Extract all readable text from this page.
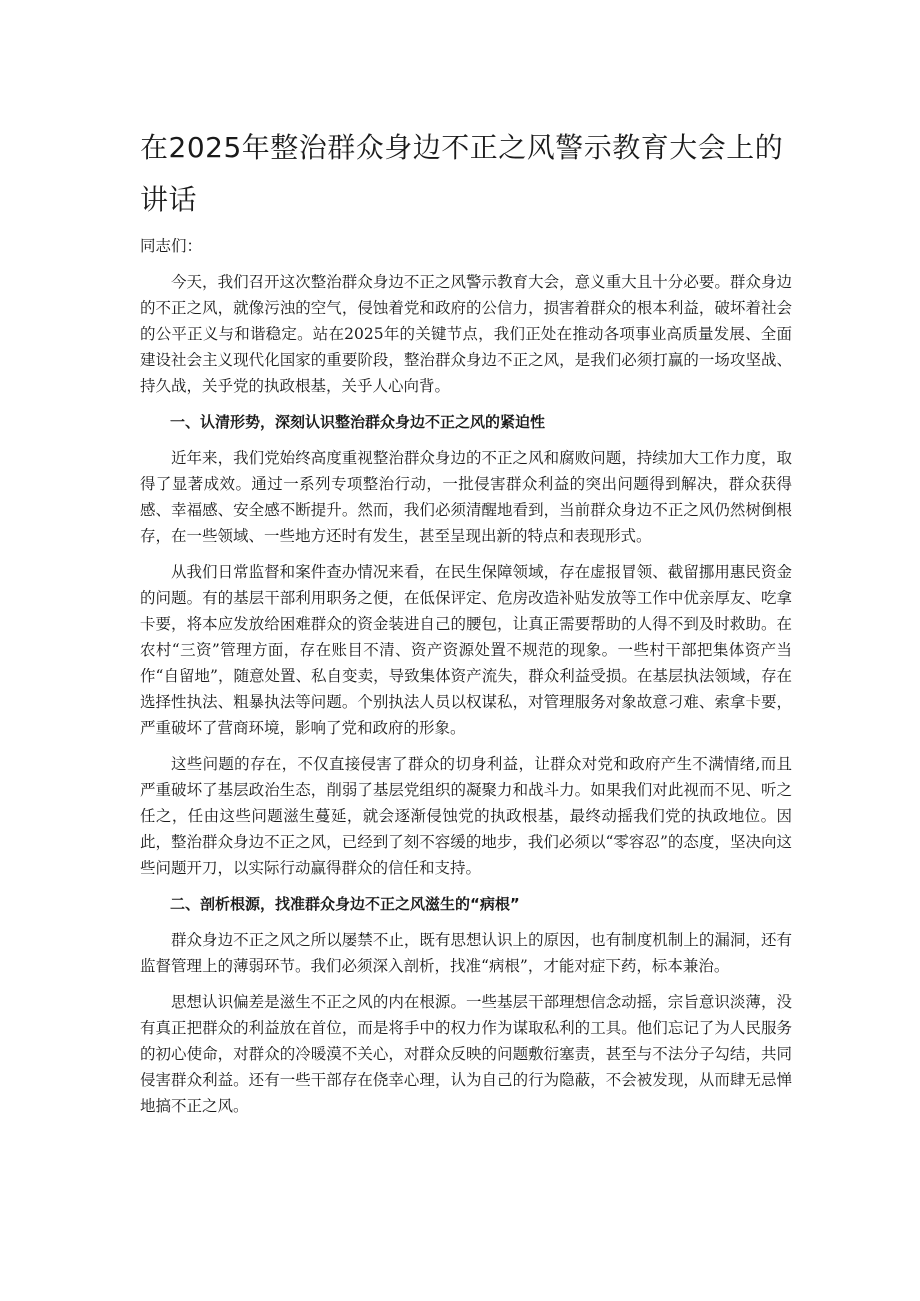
在2025年整治群众身边不正之风警示教育大会上的讲话

同志们：

今天，我们召开这次整治群众身边不正之风警示教育大会，意义重大且十分必要。群众身边的不正之风，就像污浊的空气，侵蚀着党和政府的公信力，损害着群众的根本利益，破坏着社会的公平正义与和谐稳定。站在2025年的关键节点，我们正处在推动各项事业高质量发展、全面建设社会主义现代化国家的重要阶段，整治群众身边不正之风，是我们必须打赢的一场攻坚战、持久战，关乎党的执政根基，关乎人心向背。

一、认清形势，深刻认识整治群众身边不正之风的紧迫性

近年来，我们党始终高度重视整治群众身边的不正之风和腐败问题，持续加大工作力度，取得了显著成效。通过一系列专项整治行动，一批侵害群众利益的突出问题得到解决，群众获得感、幸福感、安全感不断提升。然而，我们必须清醒地看到，当前群众身边不正之风仍然树倒根存，在一些领域、一些地方还时有发生，甚至呈现出新的特点和表现形式。

从我们日常监督和案件查办情况来看，在民生保障领域，存在虚报冒领、截留挪用惠民资金的问题。有的基层干部利用职务之便，在低保评定、危房改造补贴发放等工作中优亲厚友、吃拿卡要，将本应发放给困难群众的资金装进自己的腰包，让真正需要帮助的人得不到及时救助。在农村“三资”管理方面，存在账目不清、资产资源处置不规范的现象。一些村干部把集体资产当作“自留地”，随意处置、私自变卖，导致集体资产流失，群众利益受损。在基层执法领域，存在选择性执法、粗暴执法等问题。个别执法人员以权谋私，对管理服务对象故意刁难、索拿卡要，严重破坏了营商环境，影响了党和政府的形象。

这些问题的存在，不仅直接侵害了群众的切身利益，让群众对党和政府产生不满情绪,而且严重破坏了基层政治生态，削弱了基层党组织的凝聚力和战斗力。如果我们对此视而不见、听之任之，任由这些问题滋生蔓延，就会逐渐侵蚀党的执政根基，最终动摇我们党的执政地位。因此，整治群众身边不正之风，已经到了刻不容缓的地步，我们必须以“零容忍”的态度，坚决向这些问题开刀，以实际行动赢得群众的信任和支持。

二、剖析根源，找准群众身边不正之风滋生的“病根”

群众身边不正之风之所以屡禁不止，既有思想认识上的原因，也有制度机制上的漏洞，还有监督管理上的薄弱环节。我们必须深入剖析，找准“病根”，才能对症下药，标本兼治。

思想认识偏差是滋生不正之风的内在根源。一些基层干部理想信念动摇，宗旨意识淡薄，没有真正把群众的利益放在首位，而是将手中的权力作为谋取私利的工具。他们忘记了为人民服务的初心使命，对群众的冷暖漠不关心，对群众反映的问题敷衍塞责，甚至与不法分子勾结，共同侵害群众利益。还有一些干部存在侥幸心理，认为自己的行为隐蔽，不会被发现，从而肆无忌惮地搞不正之风。
